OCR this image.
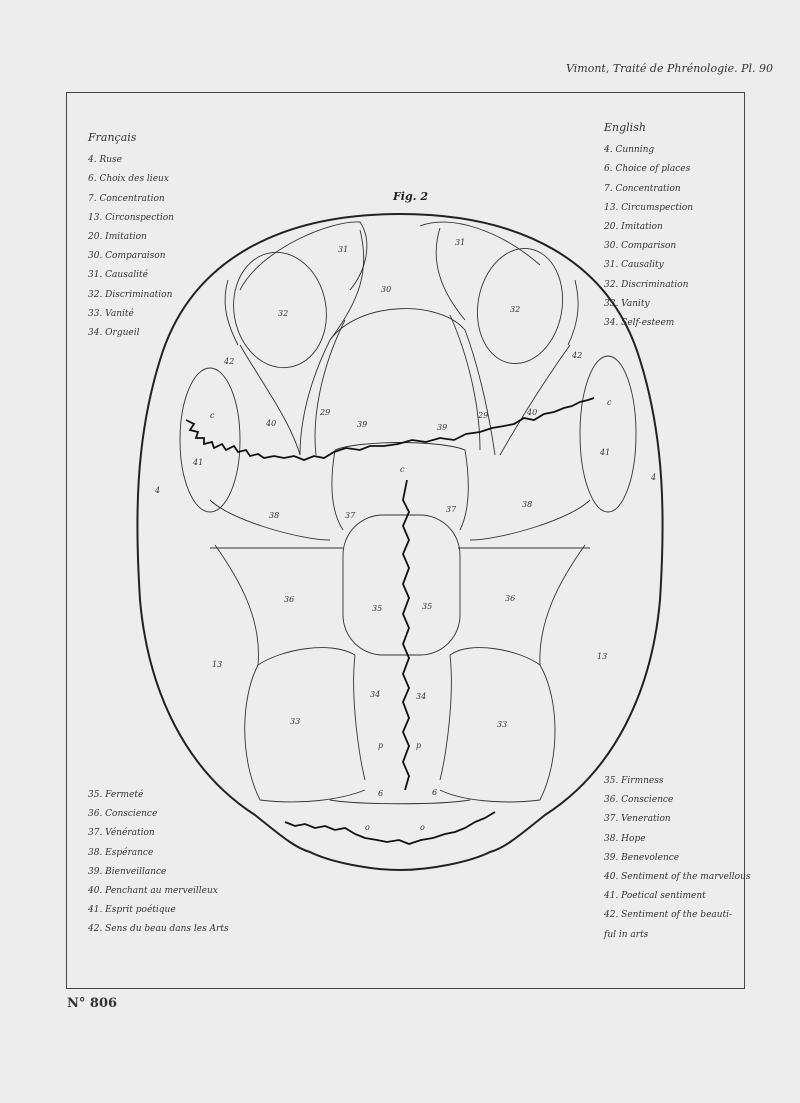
Vimont, Traité de Phrénologie. Pl. 90
Français
4. Ruse
6. Choix des lieux
7. Concentration
13. Circonspection
20. Imitation
30. Comparaison
31. Causalité
32. Discrimination
33. Vanité
34. Orgueil
English
4. Cunning
6. Choice of places
7. Concentration
13. Circumspection
20. Imitation
30. Comparison
31. Causality
32. Discrimination
33. Vanity
34. Self-esteem
35. Fermeté
36. Conscience
37. Vénération
38. Espérance
39. Bienveillance
40. Penchant au merveilleux
41. Esprit poétique
42. Sens du beau dans les Arts
35. Firmness
36. Conscience
37. Veneration
38. Hope
39. Benevolence
40. Sentiment of the marvellous
41. Poetical sentiment
42. Sentiment of the beauti-
ful in arts
Fig. 2
31
31
30
32	32
42
42
29	29
39	39
40
40
41
41
c
c
c
38
38
37
37
36	36
35	35
34	34
33	33
13
13
p	p
6	6
4
4
o	o
N° 806
